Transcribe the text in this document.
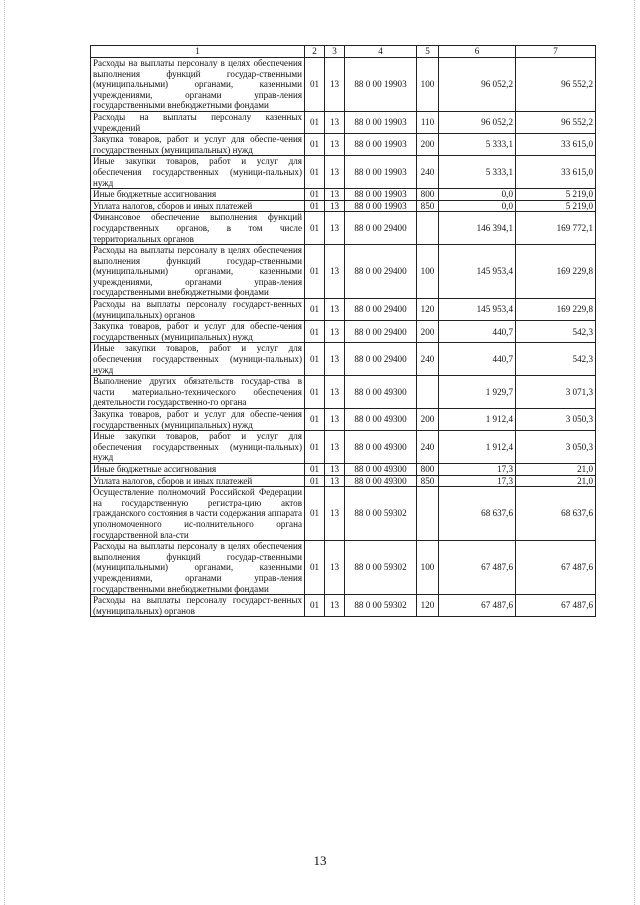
1	2	3	4	5	6	7
Расходы на выплаты персоналу в целях обеспечения выполнения функций государ-ственными (муниципальными) органами, казенными учреждениями, органами управ-ления государственными внебюджетными фондами	01	13	88 0 00 19903	100	96 052,2	96 552,2
Расходы на выплаты персоналу казенных учреждений	01	13	88 0 00 19903	110	96 052,2	96 552,2
Закупка товаров, работ и услуг для обеспе-чения государственных (муниципальных) нужд	01	13	88 0 00 19903	200	5 333,1	33 615,0
Иные закупки товаров, работ и услуг для обеспечения государственных (муници-пальных) нужд	01	13	88 0 00 19903	240	5 333,1	33 615,0
Иные бюджетные ассигнования	01	13	88 0 00 19903	800	0,0	5 219,0
Уплата налогов, сборов и иных платежей	01	13	88 0 00 19903	850	0,0	5 219,0
Финансовое обеспечение выполнения функций государственных органов, в том числе территориальных органов	01	13	88 0 00 29400		146 394,1	169 772,1
Расходы на выплаты персоналу в целях обеспечения выполнения функций государ-ственными (муниципальными) органами, казенными учреждениями, органами управ-ления государственными внебюджетными фондами	01	13	88 0 00 29400	100	145 953,4	169 229,8
Расходы на выплаты персоналу государст-венных (муниципальных) органов	01	13	88 0 00 29400	120	145 953,4	169 229,8
Закупка товаров, работ и услуг для обеспе-чения государственных (муниципальных) нужд	01	13	88 0 00 29400	200	440,7	542,3
Иные закупки товаров, работ и услуг для обеспечения государственных (муници-пальных) нужд	01	13	88 0 00 29400	240	440,7	542,3
Выполнение других обязательств государ-ства в части материально-технического обеспечения деятельности государственно-го органа	01	13	88 0 00 49300		1 929,7	3 071,3
Закупка товаров, работ и услуг для обеспе-чения государственных (муниципальных) нужд	01	13	88 0 00 49300	200	1 912,4	3 050,3
Иные закупки товаров, работ и услуг для обеспечения государственных (муници-пальных) нужд	01	13	88 0 00 49300	240	1 912,4	3 050,3
Иные бюджетные ассигнования	01	13	88 0 00 49300	800	17,3	21,0
Уплата налогов, сборов и иных платежей	01	13	88 0 00 49300	850	17,3	21,0
Осуществление полномочий Российской Федерации на государственную регистра-цию актов гражданского состояния в части содержания аппарата уполномоченного ис-полнительного органа государственной вла-сти	01	13	88 0 00 59302		68 637,6	68 637,6
Расходы на выплаты персоналу в целях обеспечения выполнения функций государ-ственными (муниципальными) органами, казенными учреждениями, органами управ-ления государственными внебюджетными фондами	01	13	88 0 00 59302	100	67 487,6	67 487,6
Расходы на выплаты персоналу государст-венных (муниципальных) органов	01	13	88 0 00 59302	120	67 487,6	67 487,6
13
